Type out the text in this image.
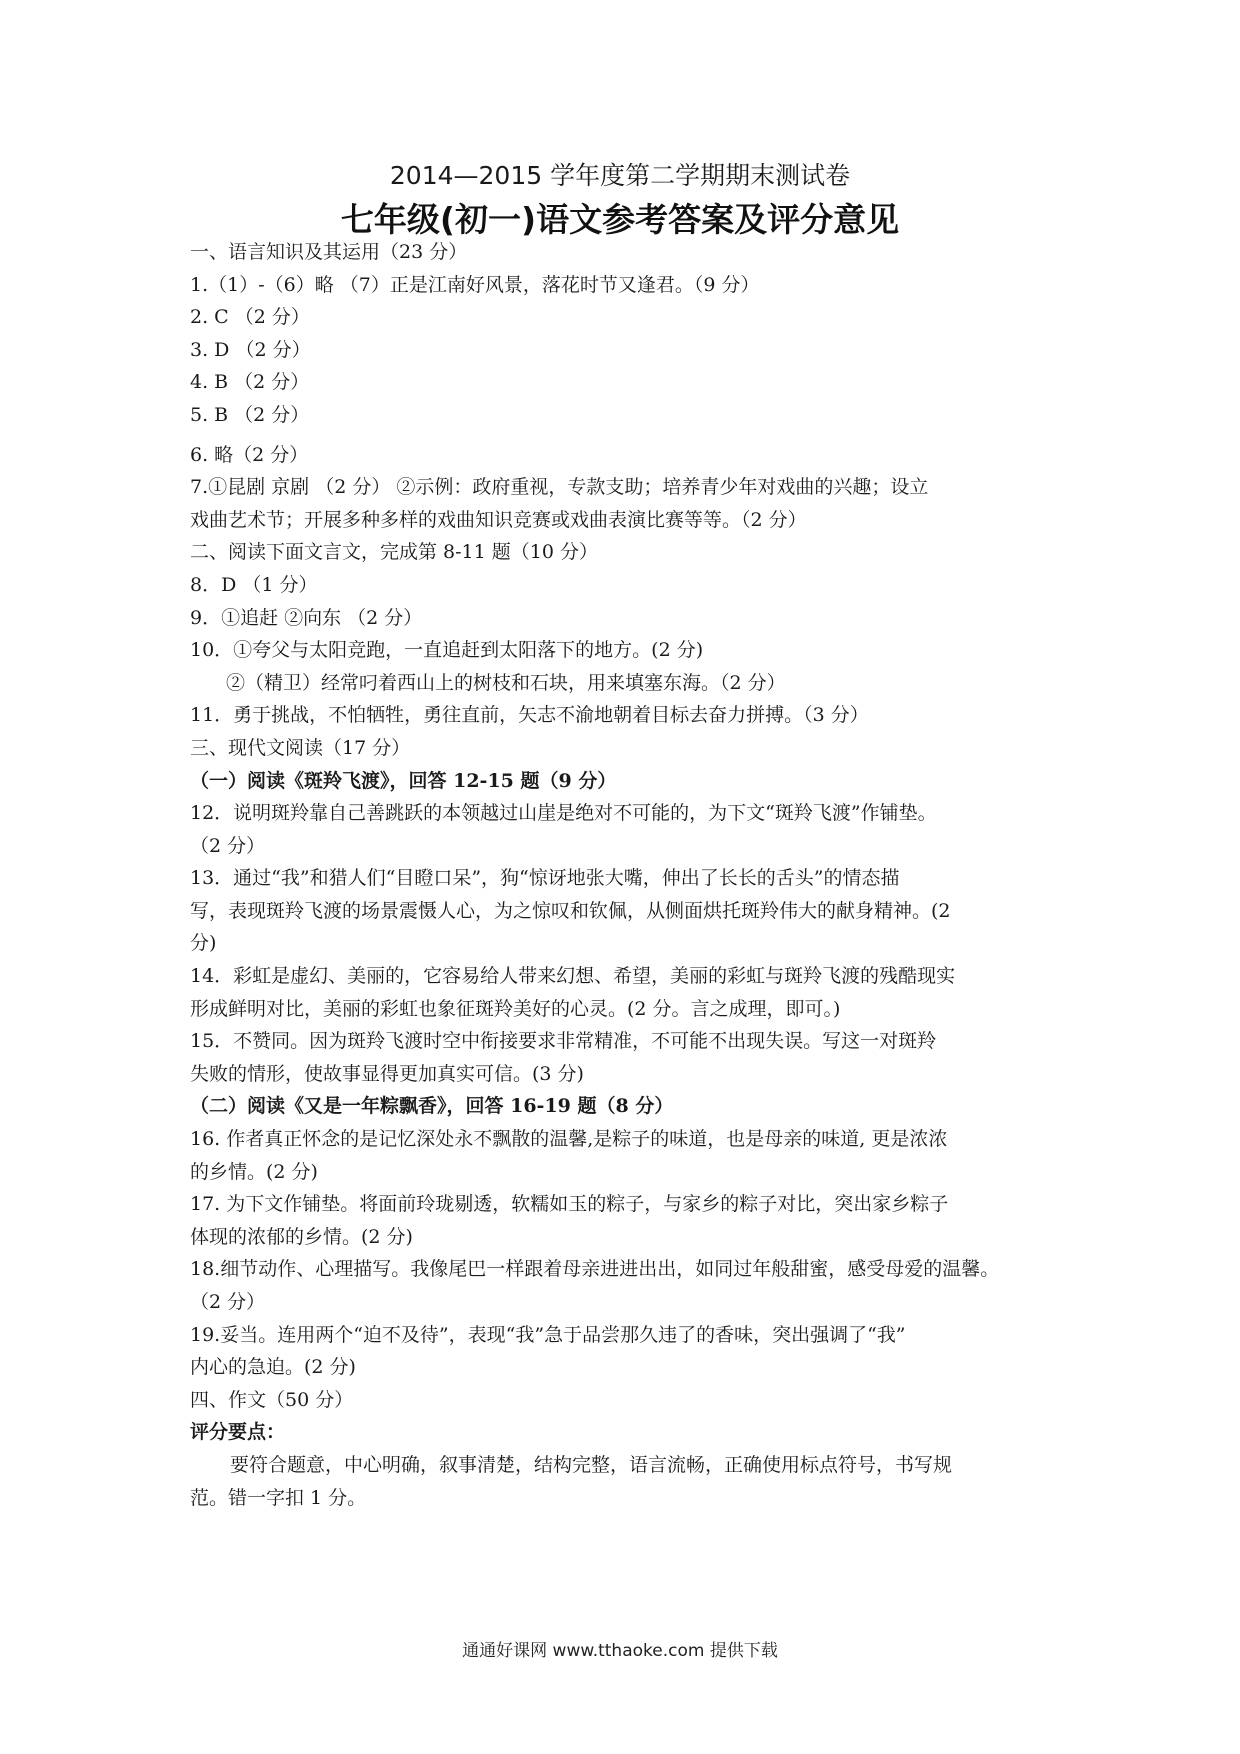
2014—2015 学年度第二学期期末测试卷
七年级(初一)语文参考答案及评分意见
一、语言知识及其运用（23 分）
1.（1）-（6）略 （7）正是江南好风景，落花时节又逢君。（9 分）
2. C （2 分）
3. D （2 分）
4. B （2 分）
5. B （2 分）
6. 略（2 分）
7.①昆剧 京剧 （2 分） ②示例：政府重视，专款支助；培养青少年对戏曲的兴趣；设立
戏曲艺术节；开展多种多样的戏曲知识竞赛或戏曲表演比赛等等。（2 分）
二、阅读下面文言文，完成第 8-11 题（10 分）
8．D （1 分）
9．①追赶 ②向东 （2 分）
10．①夸父与太阳竞跑，一直追赶到太阳落下的地方。(2 分)
②（精卫）经常叼着西山上的树枝和石块，用来填塞东海。（2 分）
11．勇于挑战，不怕牺牲，勇往直前，矢志不渝地朝着目标去奋力拼搏。（3 分）
三、现代文阅读（17 分）
（一）阅读《斑羚飞渡》，回答 12-15 题（9 分）
12．说明斑羚靠自己善跳跃的本领越过山崖是绝对不可能的，为下文“斑羚飞渡”作铺垫。
（2 分）
13．通过“我”和猎人们“目瞪口呆”，狗“惊讶地张大嘴，伸出了长长的舌头”的情态描
写，表现斑羚飞渡的场景震慑人心，为之惊叹和钦佩，从侧面烘托斑羚伟大的献身精神。(2
分)
14．彩虹是虚幻、美丽的，它容易给人带来幻想、希望，美丽的彩虹与斑羚飞渡的残酷现实
形成鲜明对比，美丽的彩虹也象征斑羚美好的心灵。(2 分。言之成理，即可。)
15．不赞同。因为斑羚飞渡时空中衔接要求非常精准，不可能不出现失误。写这一对斑羚
失败的情形，使故事显得更加真实可信。(3 分)
（二）阅读《又是一年粽飘香》，回答 16-19 题（8 分）
16. 作者真正怀念的是记忆深处永不飘散的温馨,是粽子的味道，也是母亲的味道, 更是浓浓
的乡情。(2 分)
17. 为下文作铺垫。将面前玲珑剔透，软糯如玉的粽子，与家乡的粽子对比，突出家乡粽子
体现的浓郁的乡情。(2 分)
18.细节动作、心理描写。我像尾巴一样跟着母亲进进出出，如同过年般甜蜜，感受母爱的温馨。
（2 分）
19.妥当。连用两个“迫不及待”，表现“我”急于品尝那久违了的香味，突出强调了“我”
内心的急迫。(2 分)
四、作文（50 分）
评分要点：
要符合题意，中心明确，叙事清楚，结构完整，语言流畅，正确使用标点符号，书写规
范。错一字扣 1 分。
通通好课网 www.tthaoke.com 提供下载
